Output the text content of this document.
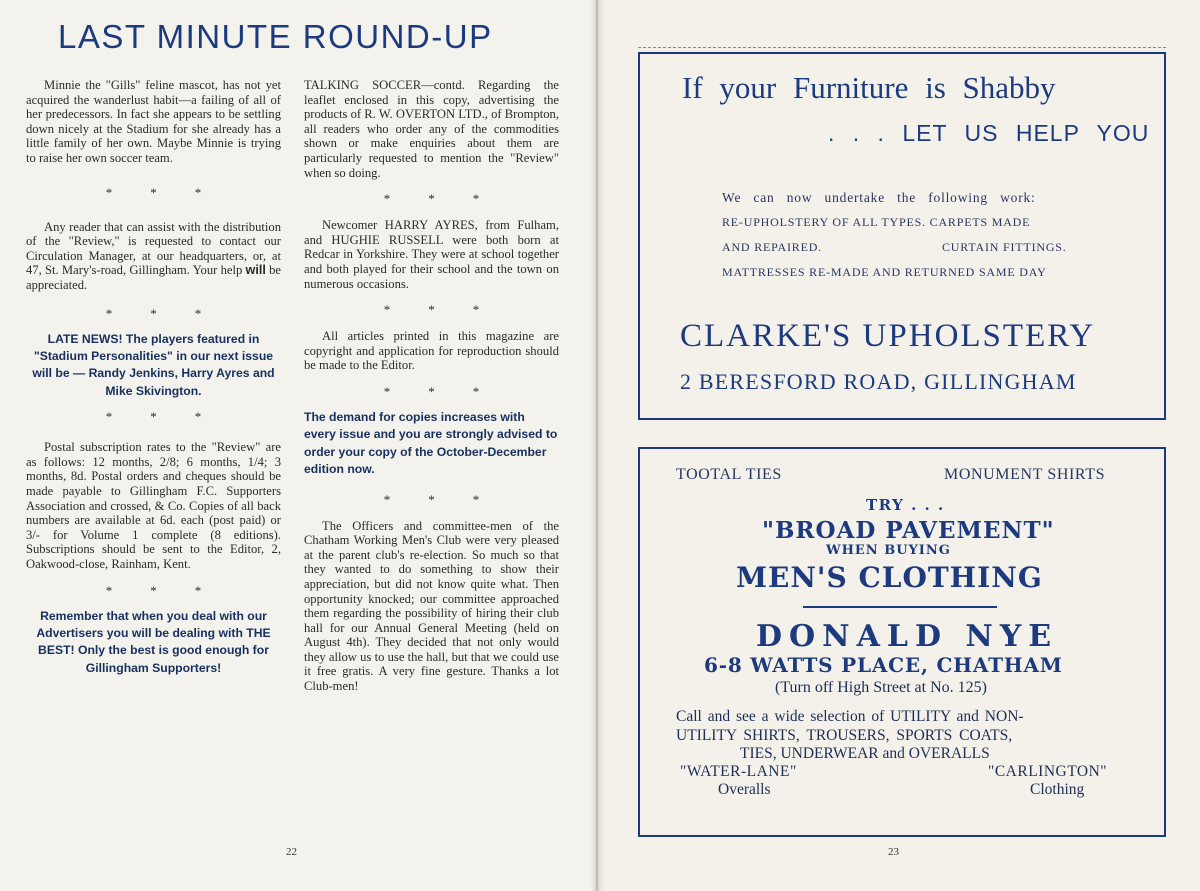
LAST MINUTE ROUND-UP

Minnie the "Gills" feline mascot, has not yet acquired the wanderlust habit—a failing of all of her predecessors. In fact she appears to be settling down nicely at the Stadium for she already has a little family of her own. Maybe Minnie is trying to raise her own soccer team.

*	*	*

Any reader that can assist with the distribution of the "Review," is requested to contact our Circulation Manager, at our headquarters, or, at 47, St. Mary's-road, Gillingham. Your help will be appreciated.

*	*	*

LATE NEWS! The players featured in "Stadium Personalities" in our next issue will be — Randy Jenkins, Harry Ayres and Mike Skivington.

*	*	*

Postal subscription rates to the "Review" are as follows: 12 months, 2/8; 6 months, 1/4; 3 months, 8d. Postal orders and cheques should be made payable to Gillingham F.C. Supporters Association and crossed, & Co. Copies of all back numbers are available at 6d. each (post paid) or 3/- for Volume 1 complete (8 editions). Subscriptions should be sent to the Editor, 2, Oakwood-close, Rainham, Kent.

*	*	*

Remember that when you deal with our Advertisers you will be dealing with THE BEST! Only the best is good enough for Gillingham Supporters!

TALKING SOCCER—contd. Regarding the leaflet enclosed in this copy, advertising the products of R. W. OVERTON LTD., of Brompton, all readers who order any of the commodities shown or make enquiries about them are particularly requested to mention the "Review" when so doing.

*	*	*

Newcomer HARRY AYRES, from Fulham, and HUGHIE RUSSELL were both born at Redcar in Yorkshire. They were at school together and both played for their school and the town on numerous occasions.

*	*	*

All articles printed in this magazine are copyright and application for reproduction should be made to the Editor.

*	*	*

The demand for copies increases with every issue and you are strongly advised to order your copy of the October-December edition now.

*	*	*

The Officers and committee-men of the Chatham Working Men's Club were very pleased at the parent club's re-election. So much so that they wanted to do something to show their appreciation, but did not know quite what. Then opportunity knocked; our committee approached them regarding the possibility of hiring their club hall for our Annual General Meeting (held on August 4th). They decided that not only would they allow us to use the hall, but that we could use it free gratis. A very fine gesture. Thanks a lot Club-men!

22
If your Furniture is Shabby
. . . LET US HELP YOU
We can now undertake the following work:
RE-UPHOLSTERY OF ALL TYPES. CARPETS MADE
AND REPAIRED.	CURTAIN FITTINGS.
MATTRESSES RE-MADE AND RETURNED SAME DAY
CLARKE'S UPHOLSTERY
2 BERESFORD ROAD, GILLINGHAM
TOOTAL TIES	MONUMENT SHIRTS
TRY . . .
"BROAD PAVEMENT"
WHEN BUYING
MEN'S CLOTHING
DONALD NYE
6-8 WATTS PLACE, CHATHAM
(Turn off High Street at No. 125)
Call and see a wide selection of UTILITY and NON-
UTILITY SHIRTS, TROUSERS, SPORTS COATS,
TIES, UNDERWEAR and OVERALLS
"WATER-LANE"	"CARLINGTON"
Overalls	Clothing
23
